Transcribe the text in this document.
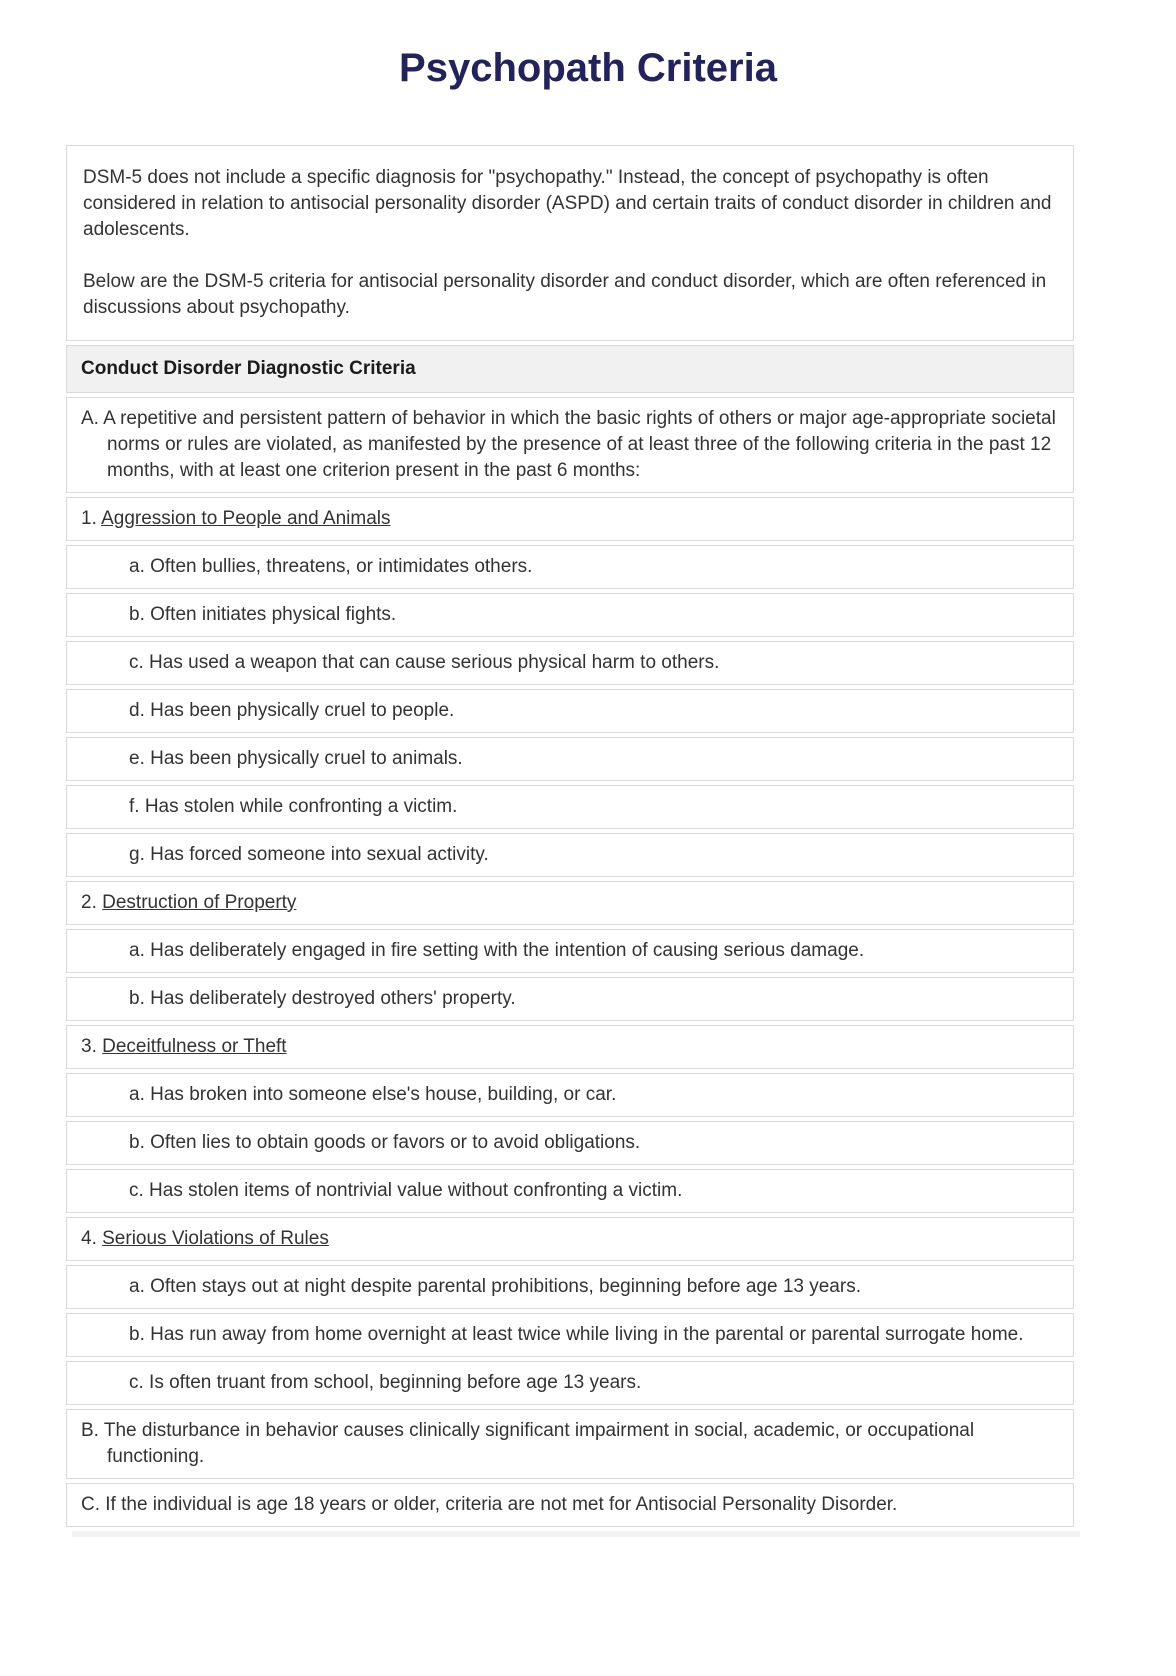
Psychopath Criteria

DSM-5 does not include a specific diagnosis for "psychopathy." Instead, the concept of psychopathy is often considered in relation to antisocial personality disorder (ASPD) and certain traits of conduct disorder in children and adolescents.

Below are the DSM-5 criteria for antisocial personality disorder and conduct disorder, which are often referenced in discussions about psychopathy.

Conduct Disorder Diagnostic Criteria
A. A repetitive and persistent pattern of behavior in which the basic rights of others or major age-appropriate societal norms or rules are violated, as manifested by the presence of at least three of the following criteria in the past 12 months, with at least one criterion present in the past 6 months:
1. Aggression to People and Animals
a. Often bullies, threatens, or intimidates others.
b. Often initiates physical fights.
c. Has used a weapon that can cause serious physical harm to others.
d. Has been physically cruel to people.
e. Has been physically cruel to animals.
f. Has stolen while confronting a victim.
g. Has forced someone into sexual activity.
2. Destruction of Property
a. Has deliberately engaged in fire setting with the intention of causing serious damage.
b. Has deliberately destroyed others' property.
3. Deceitfulness or Theft
a. Has broken into someone else's house, building, or car.
b. Often lies to obtain goods or favors or to avoid obligations.
c. Has stolen items of nontrivial value without confronting a victim.
4. Serious Violations of Rules
a. Often stays out at night despite parental prohibitions, beginning before age 13 years.
b. Has run away from home overnight at least twice while living in the parental or parental surrogate home.
c. Is often truant from school, beginning before age 13 years.
B. The disturbance in behavior causes clinically significant impairment in social, academic, or occupational functioning.
C. If the individual is age 18 years or older, criteria are not met for Antisocial Personality Disorder.
